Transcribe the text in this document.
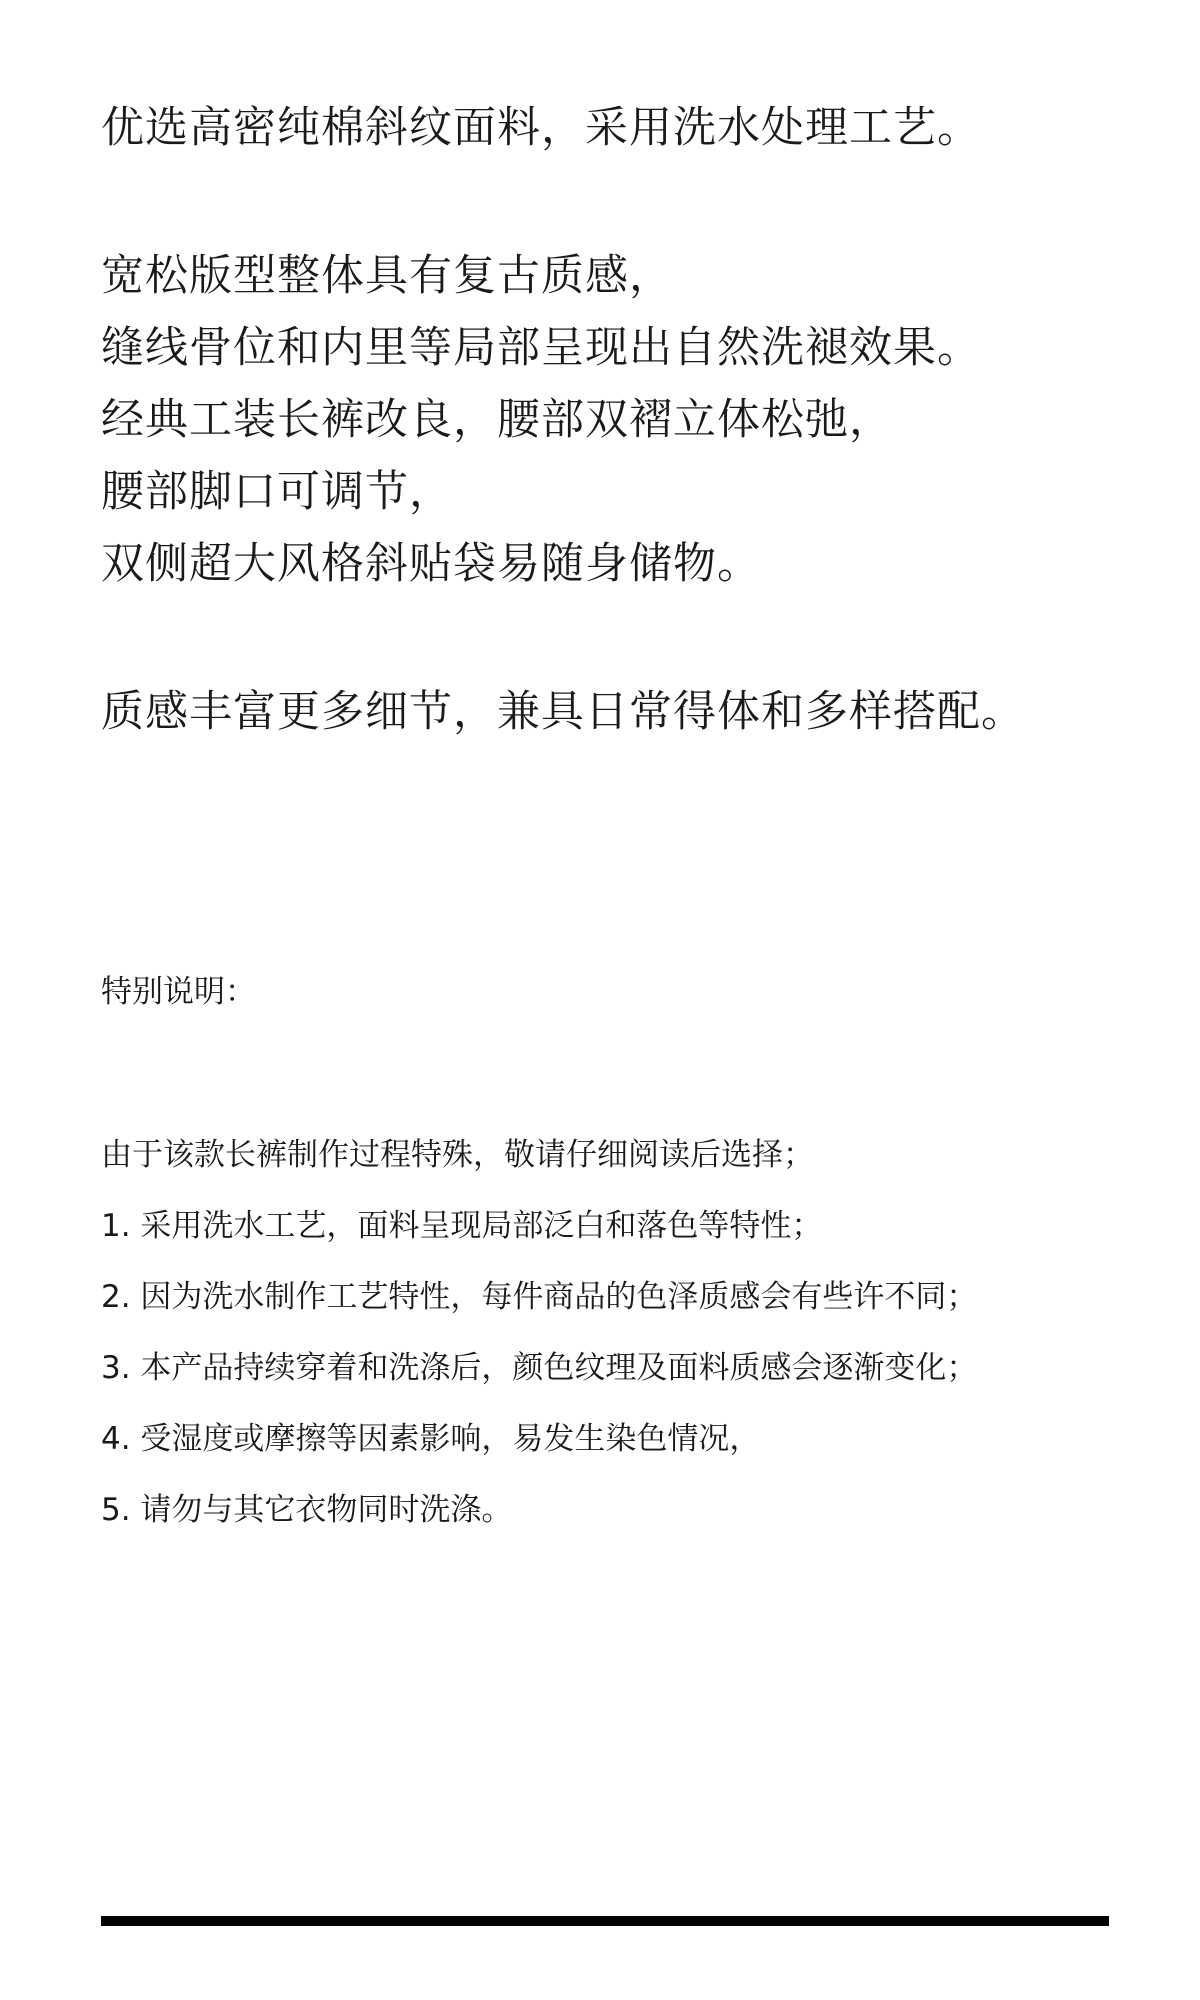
优选高密纯棉斜纹面料，采用洗水处理工艺。
宽松版型整体具有复古质感，
缝线骨位和内里等局部呈现出自然洗褪效果。
经典工装长裤改良，腰部双褶立体松弛，
腰部脚口可调节，
双侧超大风格斜贴袋易随身储物。
质感丰富更多细节，兼具日常得体和多样搭配。
特别说明：
由于该款长裤制作过程特殊，敬请仔细阅读后选择；
1. 采用洗水工艺，面料呈现局部泛白和落色等特性；
2. 因为洗水制作工艺特性，每件商品的色泽质感会有些许不同；
3. 本产品持续穿着和洗涤后，颜色纹理及面料质感会逐渐变化；
4. 受湿度或摩擦等因素影响，易发生染色情况，
5. 请勿与其它衣物同时洗涤。
